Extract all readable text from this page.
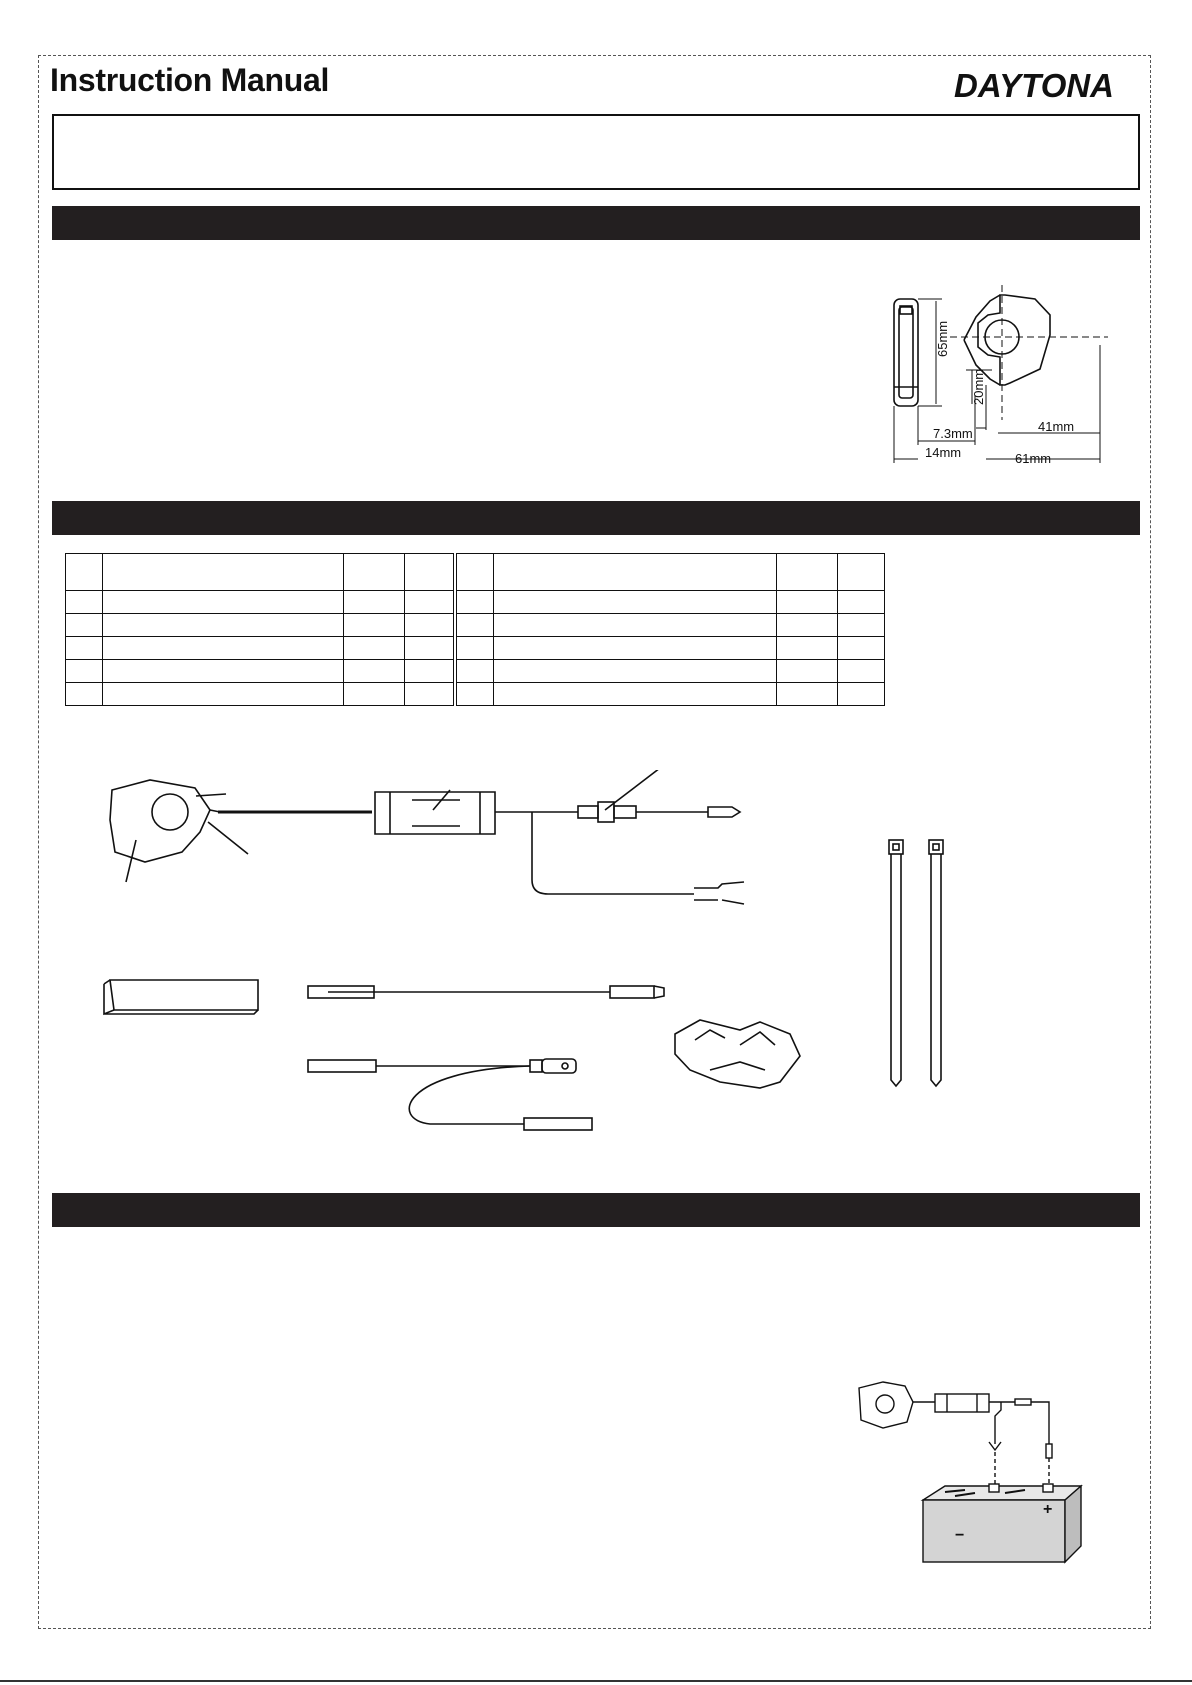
Instruction Manual	DAYTONA
65mm
20mm
7.3mm
14mm
41mm
61mm

−
+
